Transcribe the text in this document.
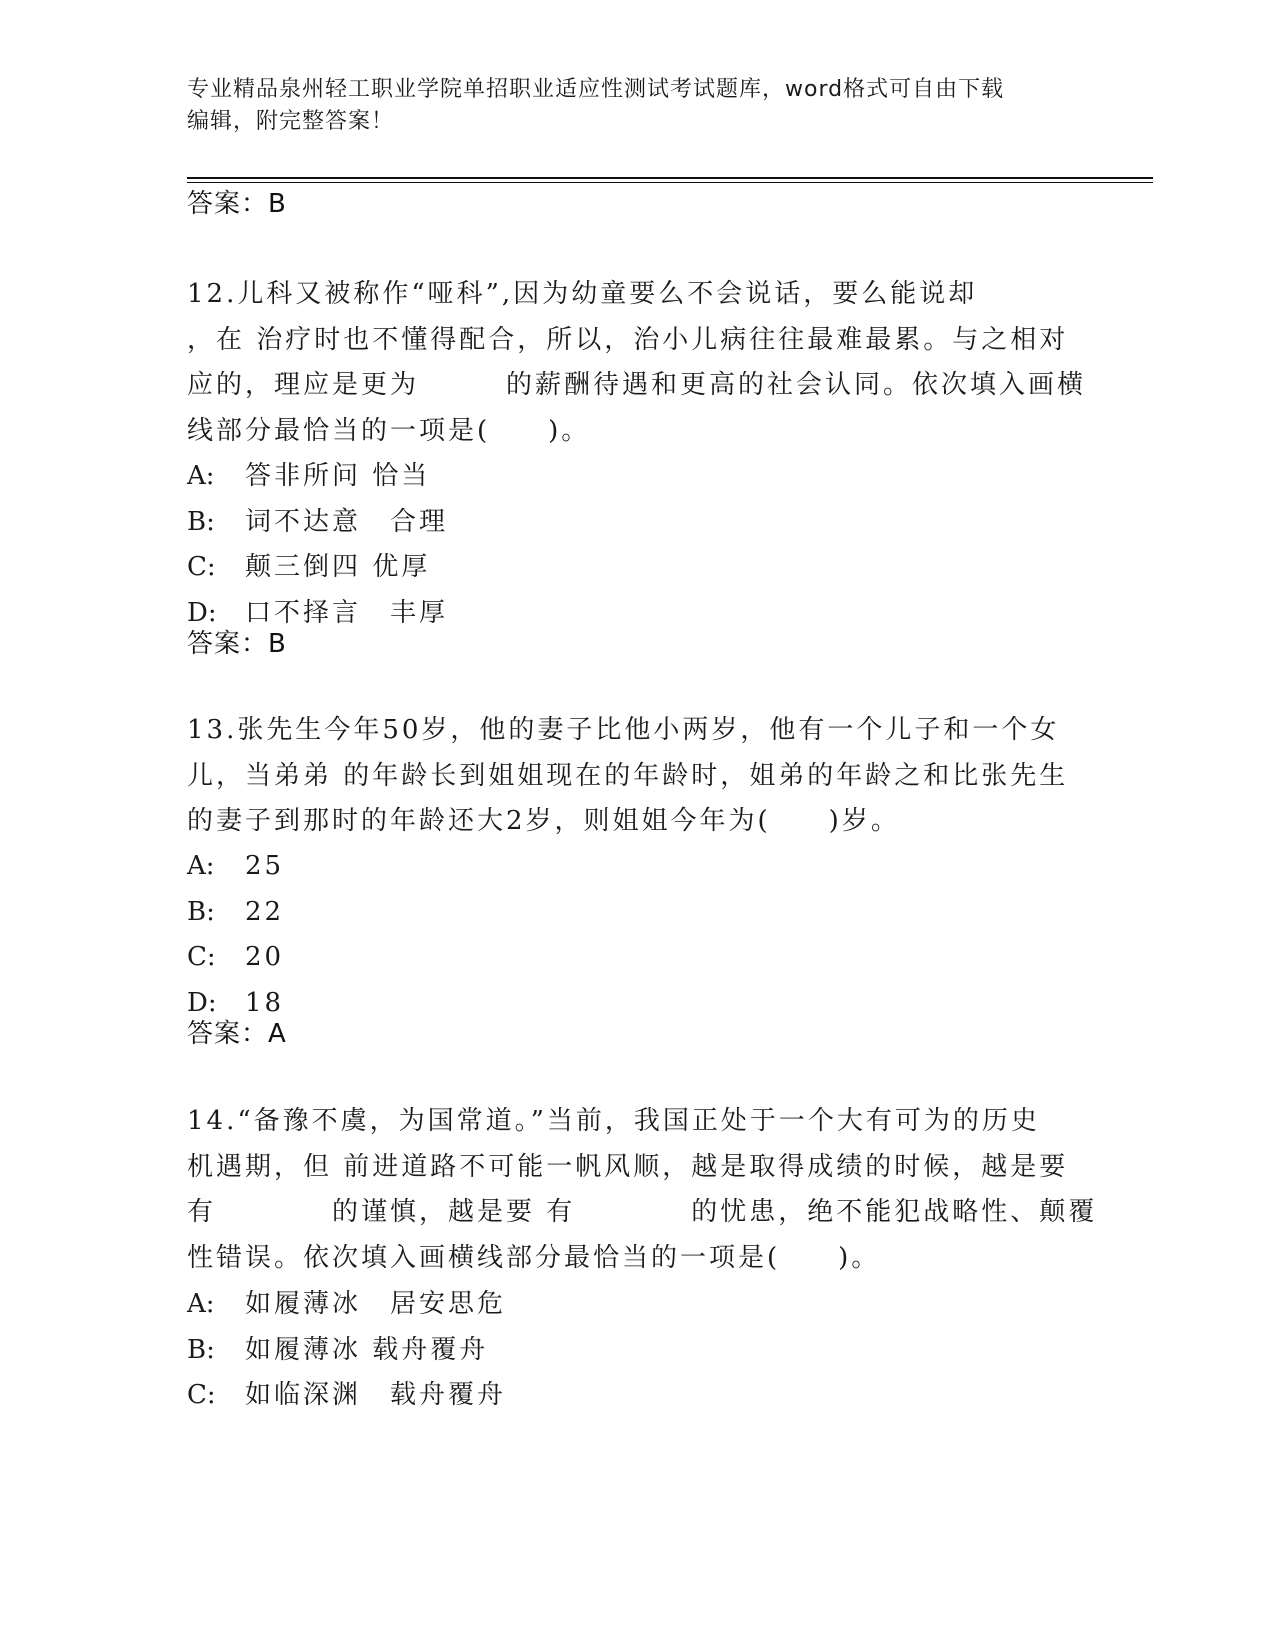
专业精品泉州轻工职业学院单招职业适应性测试考试题库，word格式可自由下载
编辑，附完整答案！
答案：B
12.儿科又被称作“哑科”,因为幼童要么不会说话，要么能说却
，在 治疗时也不懂得配合，所以，治小儿病往往最难最累。与之相对
应的，理应是更为　　　的薪酬待遇和更高的社会认同。依次填入画横
线部分最恰当的一项是(　　)。
A: 答非所问 恰当
B: 词不达意　合理
C: 颠三倒四 优厚
D: 口不择言　丰厚
答案：B
13.张先生今年50岁，他的妻子比他小两岁，他有一个儿子和一个女
儿，当弟弟 的年龄长到姐姐现在的年龄时，姐弟的年龄之和比张先生
的妻子到那时的年龄还大2岁，则姐姐今年为(　　)岁。
A: 25
B: 22
C: 20
D: 18
答案：A
14.“备豫不虞，为国常道。”当前，我国正处于一个大有可为的历史
机遇期，但 前进道路不可能一帆风顺，越是取得成绩的时候，越是要
有　　　　的谨慎，越是要 有　　　　的忧患，绝不能犯战略性、颠覆
性错误。依次填入画横线部分最恰当的一项是(　　)。
A: 如履薄冰　居安思危
B: 如履薄冰 载舟覆舟
C: 如临深渊　载舟覆舟
